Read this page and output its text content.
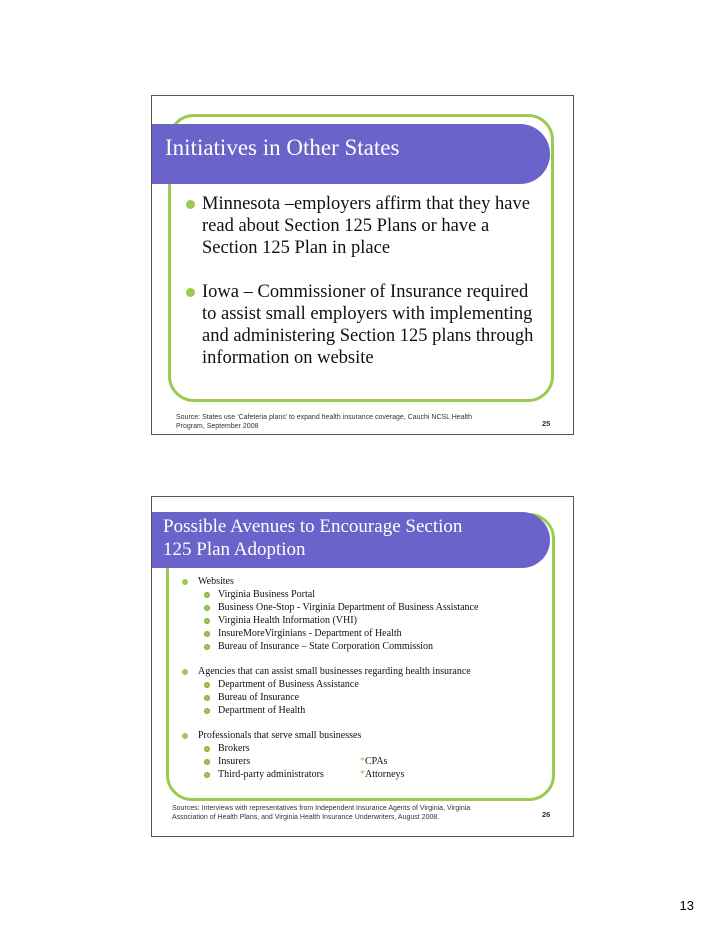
Initiatives in Other States
Minnesota –employers affirm that they have
read about Section 125 Plans or have a
Section 125 Plan in place
Iowa – Commissioner of Insurance required
to assist small employers with implementing
and administering Section 125 plans through
information on website
Source: States use ‘Cafeteria plans’ to expand health insurance coverage, Cauchi NCSL Health
Program, September 2008	25
Possible Avenues to Encourage Section
125 Plan Adoption
Websites
Virginia Business Portal
Business One-Stop - Virginia Department of Business Assistance
Virginia Health Information (VHI)
InsureMoreVirginians - Department of Health
Bureau of Insurance – State Corporation Commission
Agencies that can assist small businesses regarding health insurance
Department of Business Assistance
Bureau of Insurance
Department of Health
Professionals that serve small businesses
Brokers
Insurers	*CPAs
Third-party administrators	*Attorneys
Sources: Interviews with representatives from Independent Insurance Agents of Virginia, Virginia
Association of Health Plans, and Virginia Health Insurance Underwriters, August 2008.	26
13
